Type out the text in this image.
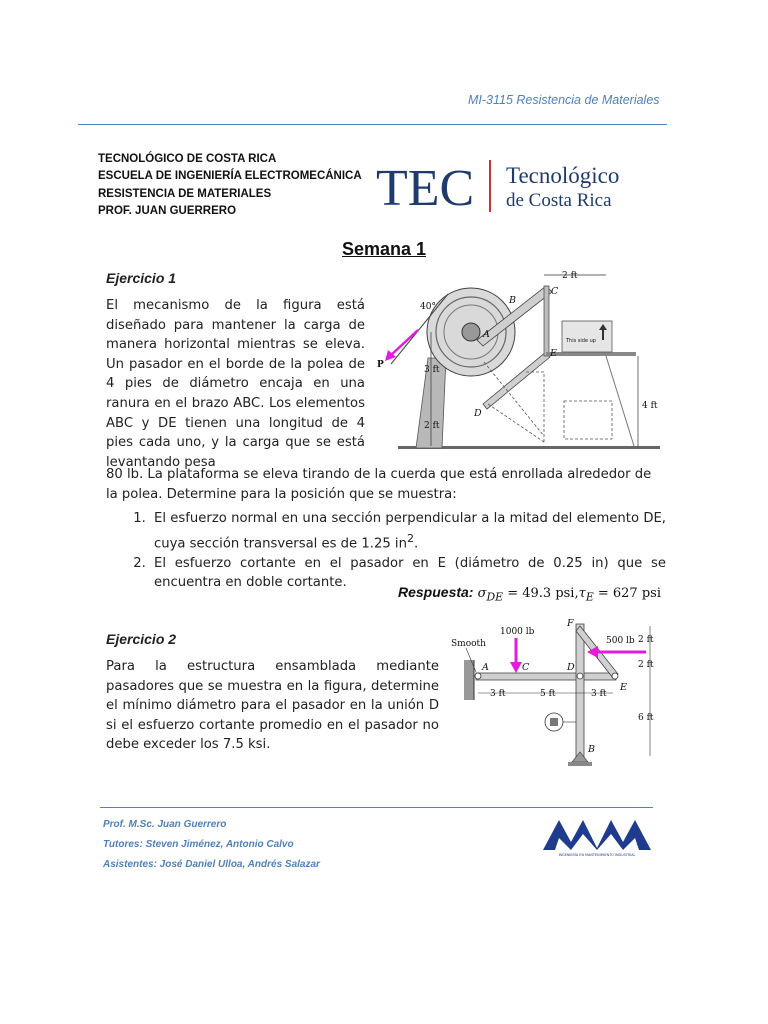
MI-3115 Resistencia de Materiales
TECNOLÓGICO DE COSTA RICA
ESCUELA DE INGENIERÍA ELECTROMECÁNICA
RESISTENCIA DE MATERIALES
PROF. JUAN GUERRERO	TEC Tecnológico
de Costa Rica
Semana 1
Ejercicio 1
El mecanismo de la figura está diseñado para mantener la carga de manera horizontal mientras se eleva. Un pasador en el borde de la polea de 4 pies de diámetro encaja en una ranura en el brazo ABC. Los elementos ABC y DE tienen una longitud de 4 pies cada uno, y la carga que se está levantando pesa
80 lb. La plataforma se eleva tirando de la cuerda que está enrollada alrededor de la polea. Determine para la posición que se muestra:
This side up
P
40°
A
B
C
D
E
2 ft
3 ft
2 ft
4 ft
1. El esfuerzo normal en una sección perpendicular a la mitad del elemento DE, cuya sección transversal es de 1.25 $in^2$.
2. El esfuerzo cortante en el pasador en E (diámetro de 0.25 in) que se encuentra en doble cortante.
Respuesta: $\sigma_{DE} = 49.3$ $psi,\tau_E = 627$ psi
Ejercicio 2
Para la estructura ensamblada mediante pasadores que se muestra en la figura, determine el mínimo diámetro para el pasador en la unión D si el esfuerzo cortante promedio en el pasador no debe exceder los 7.5 ksi.
Smooth
1000 lb
500 lb
A	C	D
E
F
B
3 ft	5 ft	3 ft
2 ft
2 ft
6 ft
Prof. M.Sc. Juan Guerrero
Tutores: Steven Jiménez, Antonio Calvo
Asistentes: José Daniel Ulloa, Andrés Salazar
INGENIERÍA EN MANTENIMIENTO INDUSTRIAL
